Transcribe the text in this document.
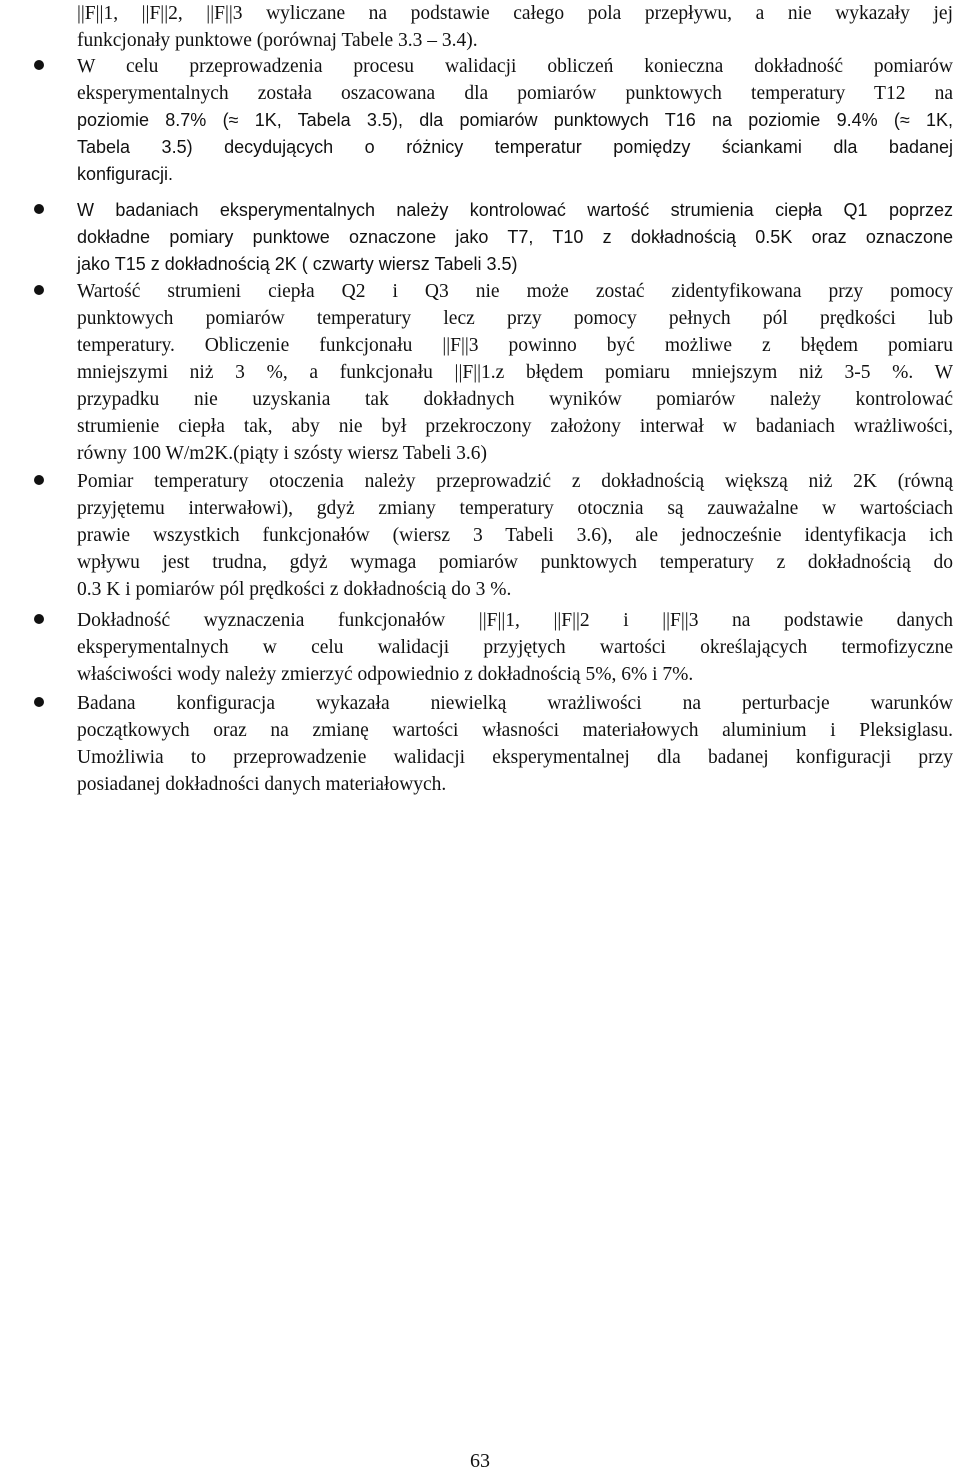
||F||1, ||F||2, ||F||3 wyliczane na podstawie całego pola przepływu, a nie wykazały jej
funkcjonały punktowe (porównaj Tabele 3.3 – 3.4).
W celu przeprowadzenia procesu walidacji obliczeń konieczna dokładność pomiarów
eksperymentalnych została oszacowana dla pomiarów punktowych temperatury T12 na
poziomie 8.7% (≈ 1K, Tabela 3.5), dla pomiarów punktowych T16 na poziomie 9.4% (≈ 1K,
Tabela 3.5) decydujących o różnicy temperatur pomiędzy ściankami dla badanej
konfiguracji.
W badaniach eksperymentalnych należy kontrolować wartość strumienia ciepła Q1 poprzez
dokładne pomiary punktowe oznaczone jako T7, T10 z dokładnością 0.5K oraz oznaczone
jako T15 z dokładnością 2K ( czwarty wiersz Tabeli 3.5)
Wartość strumieni ciepła Q2 i Q3 nie może zostać zidentyfikowana przy pomocy
punktowych pomiarów temperatury lecz przy pomocy pełnych pól prędkości lub
temperatury. Obliczenie funkcjonału ||F||3 powinno być możliwe z błędem pomiaru
mniejszymi niż 3 %, a funkcjonału ||F||1.z błędem pomiaru mniejszym niż 3-5 %. W
przypadku nie uzyskania tak dokładnych wyników pomiarów należy kontrolować
strumienie ciepła tak, aby nie był przekroczony założony interwał w badaniach wrażliwości,
równy 100 W/m2K.(piąty i szósty wiersz Tabeli 3.6)
Pomiar temperatury otoczenia należy przeprowadzić z dokładnością większą niż 2K (równą
przyjętemu interwałowi), gdyż zmiany temperatury otocznia są zauważalne w wartościach
prawie wszystkich funkcjonałów (wiersz 3 Tabeli 3.6), ale jednocześnie identyfikacja ich
wpływu jest trudna, gdyż wymaga pomiarów punktowych temperatury z dokładnością do
0.3 K i pomiarów pól prędkości z dokładnością do 3 %.
Dokładność wyznaczenia funkcjonałów ||F||1, ||F||2 i ||F||3 na podstawie danych
eksperymentalnych w celu walidacji przyjętych wartości określających termofizyczne
właściwości wody należy zmierzyć odpowiednio z dokładnością 5%, 6% i 7%.
Badana konfiguracja wykazała niewielką wrażliwości na perturbacje warunków
początkowych oraz na zmianę wartości własności materiałowych aluminium i Pleksiglasu.
Umożliwia to przeprowadzenie walidacji eksperymentalnej dla badanej konfiguracji przy
posiadanej dokładności danych materiałowych.
63
